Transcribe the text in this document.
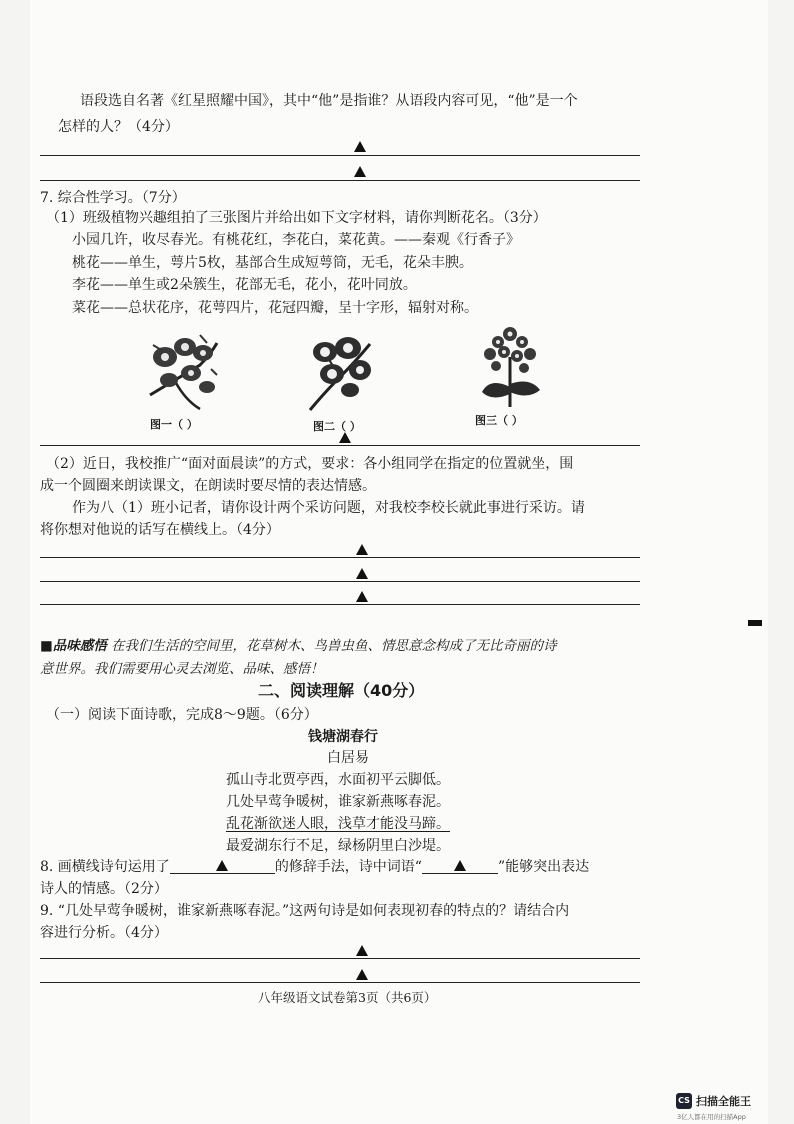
语段选自名著《红星照耀中国》，其中“他”是指谁？从语段内容可见，“他”是一个
怎样的人？（4分）
7. 综合性学习。（7分）
（1）班级植物兴趣组拍了三张图片并给出如下文字材料，请你判断花名。（3分）
小园几许，收尽春光。有桃花红，李花白，菜花黄。——秦观《行香子》
桃花——单生，萼片5枚，基部合生成短萼筒，无毛，花朵丰腴。
李花——单生或2朵簇生，花部无毛，花小，花叶同放。
菜花——总状花序，花萼四片，花冠四瓣，呈十字形，辐射对称。
图一（ ）	图二（ ）	图三（ ）
（2）近日，我校推广“面对面晨读”的方式，要求：各小组同学在指定的位置就坐，围
成一个圆圈来朗读课文，在朗读时要尽情的表达情感。
作为八（1）班小记者，请你设计两个采访问题，对我校李校长就此事进行采访。请
将你想对他说的话写在横线上。（4分）
■品味感悟 在我们生活的空间里，花草树木、鸟兽虫鱼、情思意念构成了无比奇丽的诗
意世界。我们需要用心灵去浏览、品味、感悟！
二、阅读理解（40分）
（一）阅读下面诗歌，完成8～9题。（6分）
钱塘湖春行
白居易
孤山寺北贾亭西，水面初平云脚低。
几处早莺争暖树，谁家新燕啄春泥。
乱花渐欲迷人眼，浅草才能没马蹄。
最爱湖东行不足，绿杨阴里白沙堤。
8. 画横线诗句运用了	的修辞手法，诗中词语“	”能够突出表达
诗人的情感。（2分）
9. “几处早莺争暖树，谁家新燕啄春泥。”这两句诗是如何表现初春的特点的？请结合内
容进行分析。（4分）
八年级语文试卷第3页（共6页）
CS 扫描全能王
3亿人都在用的扫描App
